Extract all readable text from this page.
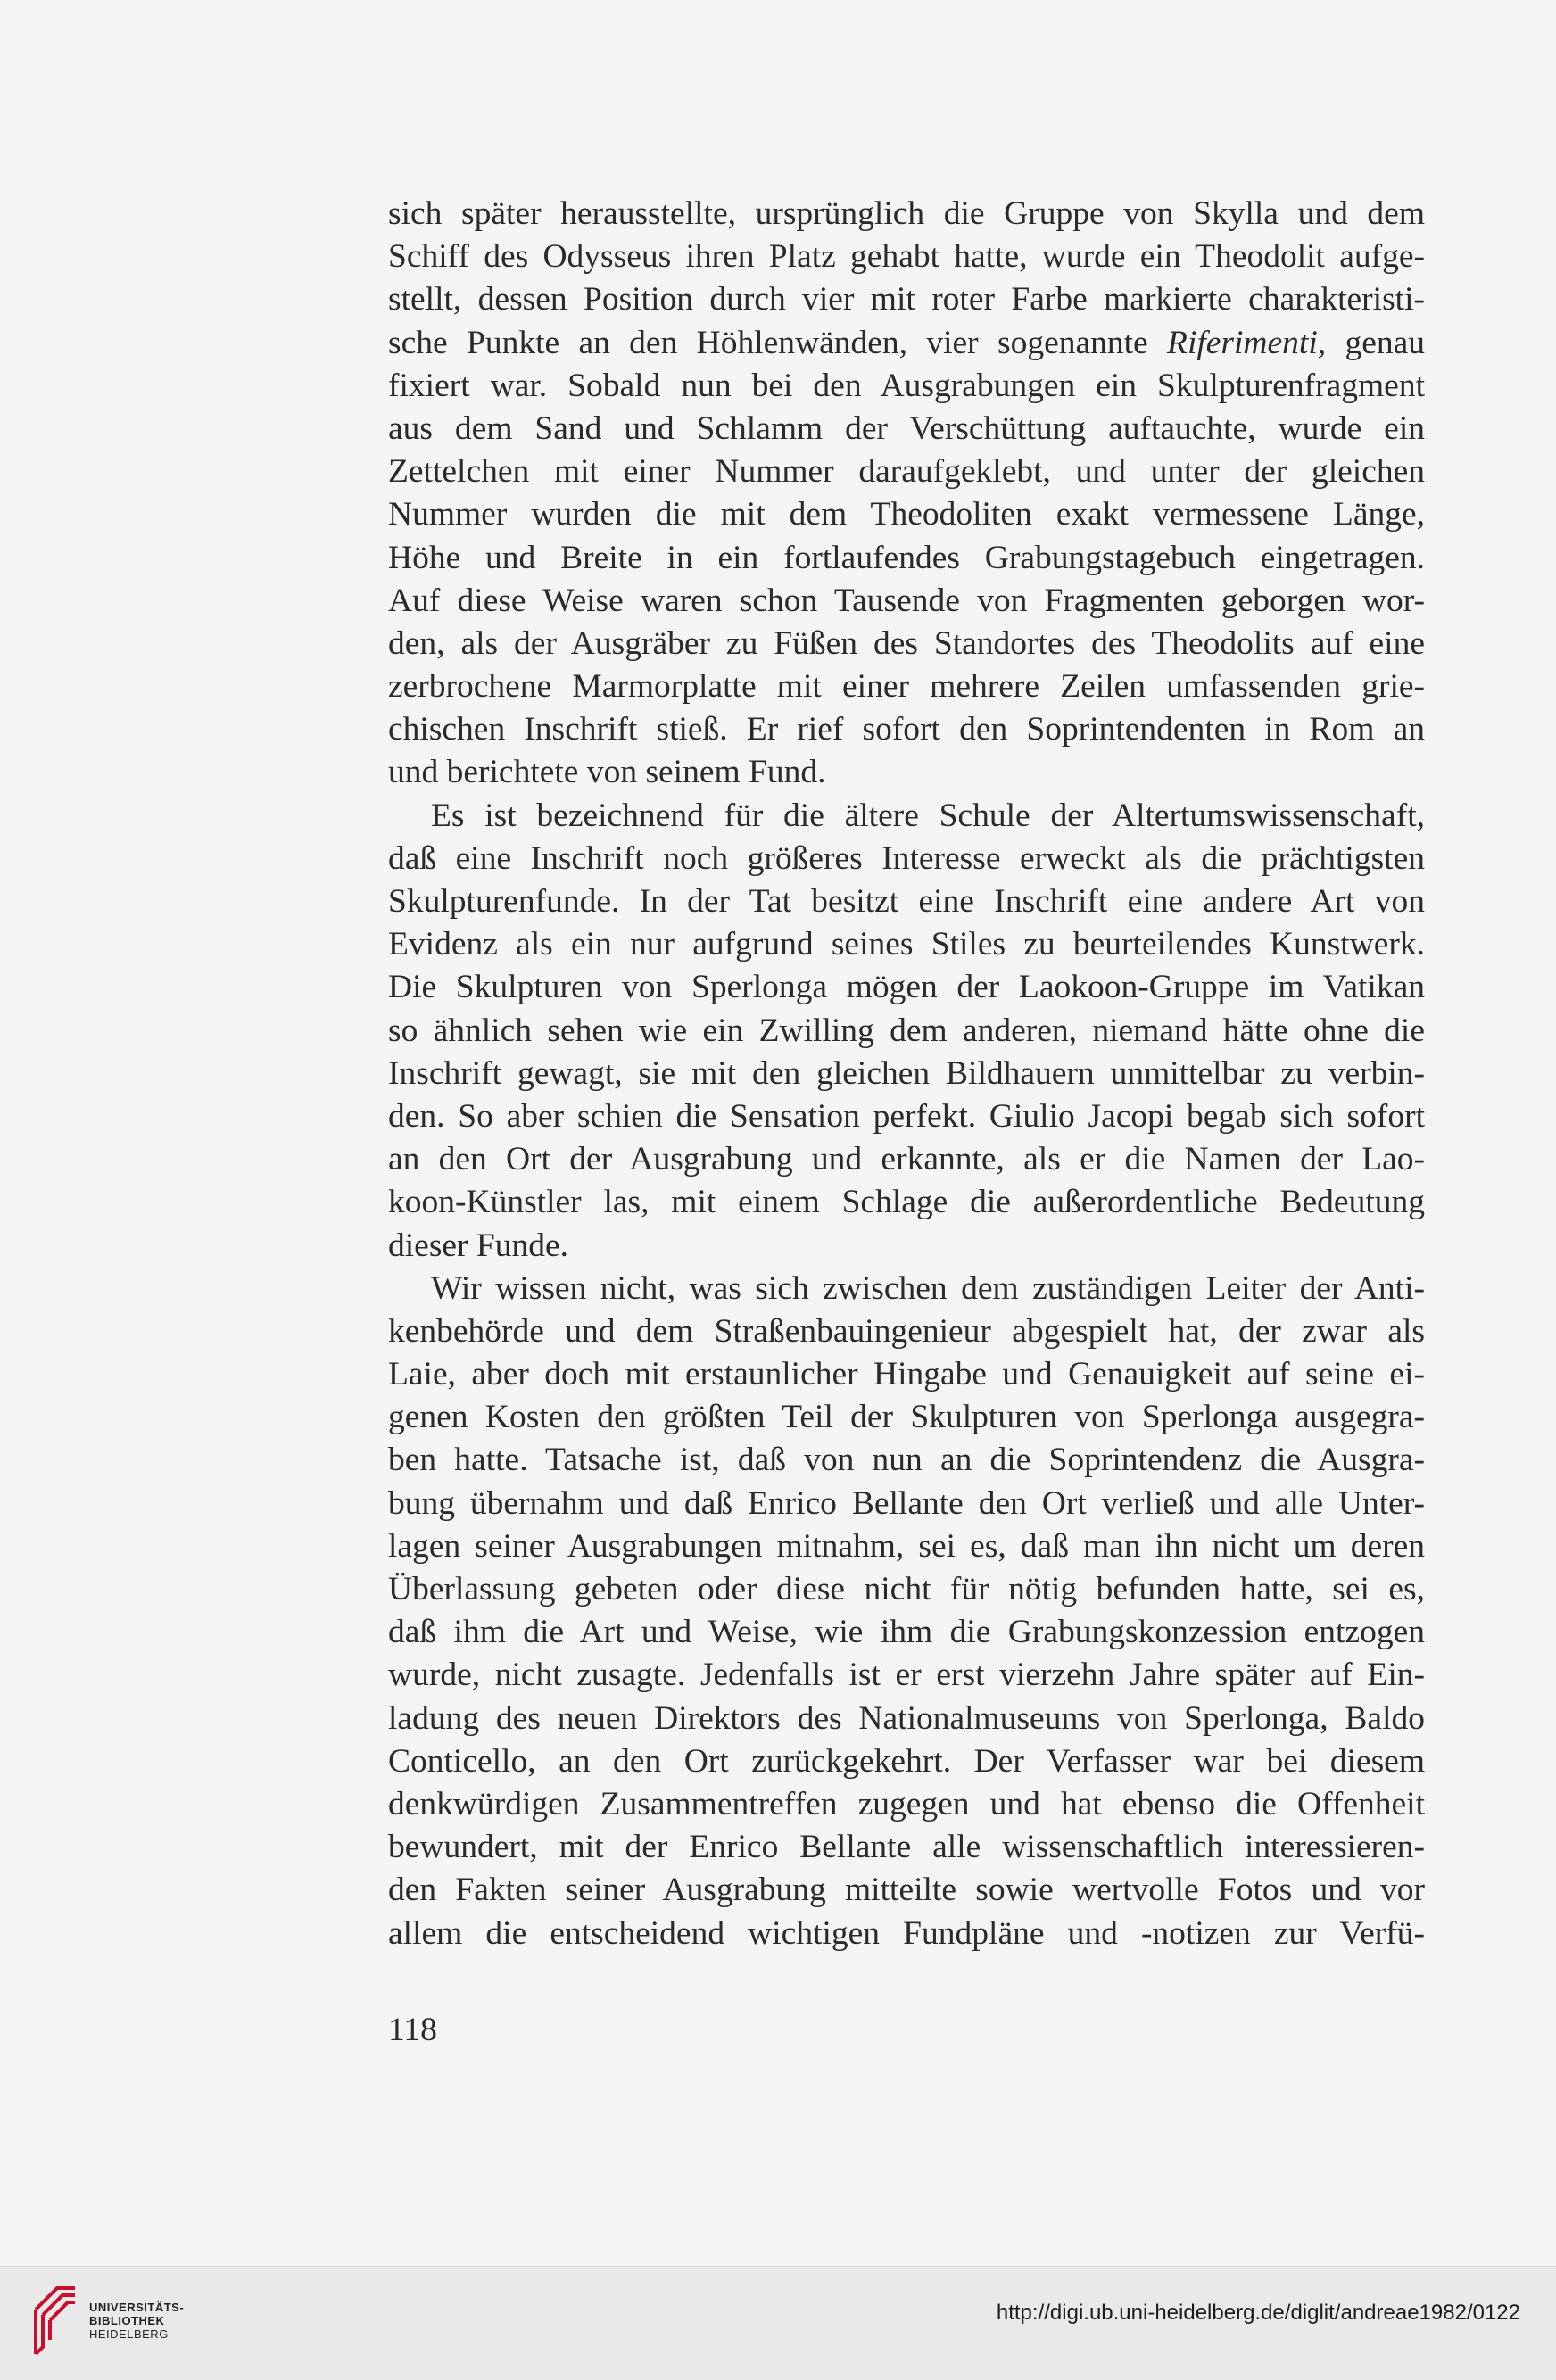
sich später herausstellte, ursprünglich die Gruppe von Skylla und dem
Schiff des Odysseus ihren Platz gehabt hatte, wurde ein Theodolit aufge-
stellt, dessen Position durch vier mit roter Farbe markierte charakteristi-
sche Punkte an den Höhlenwänden, vier sogenannte Riferimenti, genau
fixiert war. Sobald nun bei den Ausgrabungen ein Skulpturenfragment
aus dem Sand und Schlamm der Verschüttung auftauchte, wurde ein
Zettelchen mit einer Nummer daraufgeklebt, und unter der gleichen
Nummer wurden die mit dem Theodoliten exakt vermessene Länge,
Höhe und Breite in ein fortlaufendes Grabungstagebuch eingetragen.
Auf diese Weise waren schon Tausende von Fragmenten geborgen wor-
den, als der Ausgräber zu Füßen des Standortes des Theodolits auf eine
zerbrochene Marmorplatte mit einer mehrere Zeilen umfassenden grie-
chischen Inschrift stieß. Er rief sofort den Soprintendenten in Rom an
und berichtete von seinem Fund.
Es ist bezeichnend für die ältere Schule der Altertumswissenschaft,
daß eine Inschrift noch größeres Interesse erweckt als die prächtigsten
Skulpturenfunde. In der Tat besitzt eine Inschrift eine andere Art von
Evidenz als ein nur aufgrund seines Stiles zu beurteilendes Kunstwerk.
Die Skulpturen von Sperlonga mögen der Laokoon-Gruppe im Vatikan
so ähnlich sehen wie ein Zwilling dem anderen, niemand hätte ohne die
Inschrift gewagt, sie mit den gleichen Bildhauern unmittelbar zu verbin-
den. So aber schien die Sensation perfekt. Giulio Jacopi begab sich sofort
an den Ort der Ausgrabung und erkannte, als er die Namen der Lao-
koon-Künstler las, mit einem Schlage die außerordentliche Bedeutung
dieser Funde.
Wir wissen nicht, was sich zwischen dem zuständigen Leiter der Anti-
kenbehörde und dem Straßenbauingenieur abgespielt hat, der zwar als
Laie, aber doch mit erstaunlicher Hingabe und Genauigkeit auf seine ei-
genen Kosten den größten Teil der Skulpturen von Sperlonga ausgegra-
ben hatte. Tatsache ist, daß von nun an die Soprintendenz die Ausgra-
bung übernahm und daß Enrico Bellante den Ort verließ und alle Unter-
lagen seiner Ausgrabungen mitnahm, sei es, daß man ihn nicht um deren
Überlassung gebeten oder diese nicht für nötig befunden hatte, sei es,
daß ihm die Art und Weise, wie ihm die Grabungskonzession entzogen
wurde, nicht zusagte. Jedenfalls ist er erst vierzehn Jahre später auf Ein-
ladung des neuen Direktors des Nationalmuseums von Sperlonga, Baldo
Conticello, an den Ort zurückgekehrt. Der Verfasser war bei diesem
denkwürdigen Zusammentreffen zugegen und hat ebenso die Offenheit
bewundert, mit der Enrico Bellante alle wissenschaftlich interessieren-
den Fakten seiner Ausgrabung mitteilte sowie wertvolle Fotos und vor
allem die entscheidend wichtigen Fundpläne und -notizen zur Verfü-
118
UNIVERSITÄTS-
BIBLIOTHEK
HEIDELBERG
http://digi.ub.uni-heidelberg.de/diglit/andreae1982/0122
